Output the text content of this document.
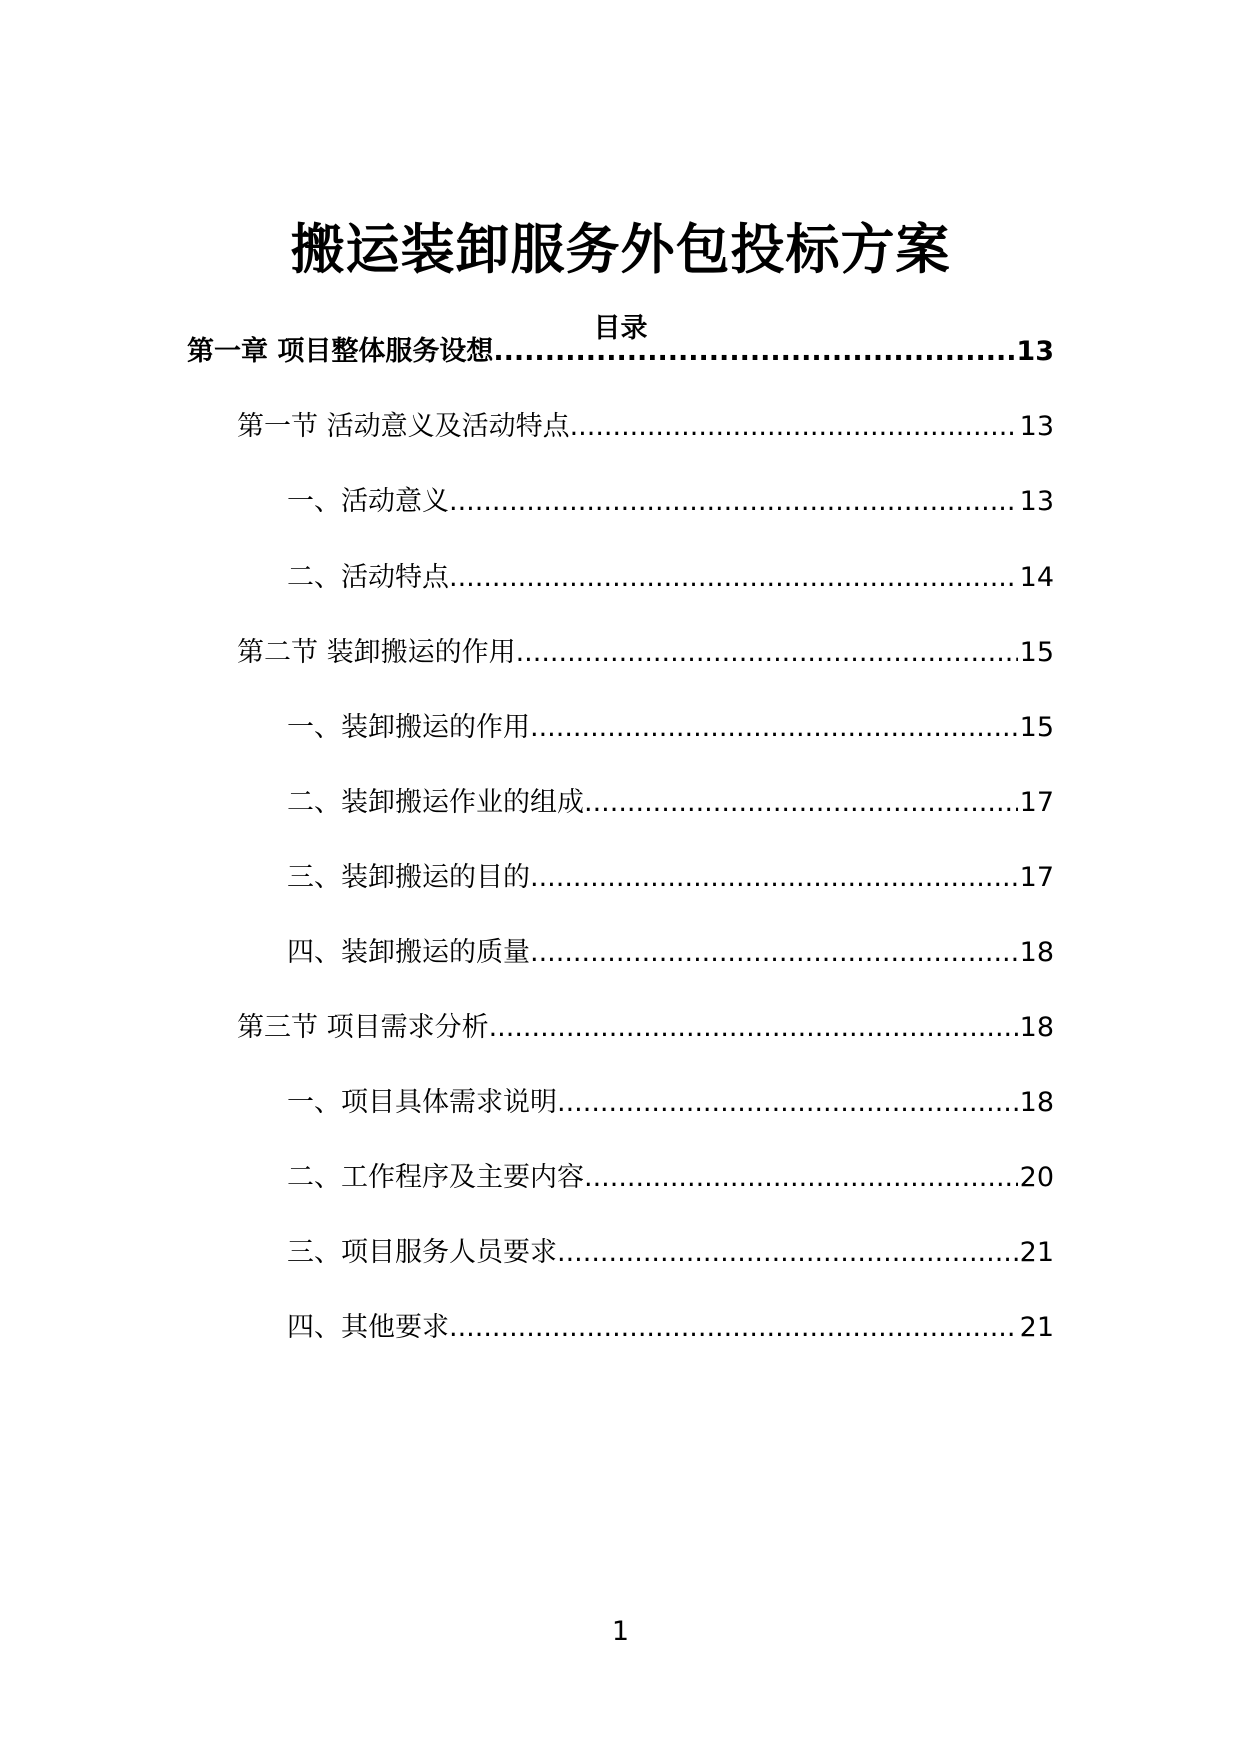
搬运装卸服务外包投标方案
目录
第一章 项目整体服务设想 .....	13
第一节 活动意义及活动特点 .....	13
一、活动意义 .....	13
二、活动特点 .....	14
第二节 装卸搬运的作用 .....	15
一、装卸搬运的作用 .....	15
二、装卸搬运作业的组成 .....	17
三、装卸搬运的目的 .....	17
四、装卸搬运的质量 .....	18
第三节 项目需求分析 .....	18
一、项目具体需求说明 .....	18
二、工作程序及主要内容 .....	20
三、项目服务人员要求 .....	21
四、其他要求 .....	21
1
